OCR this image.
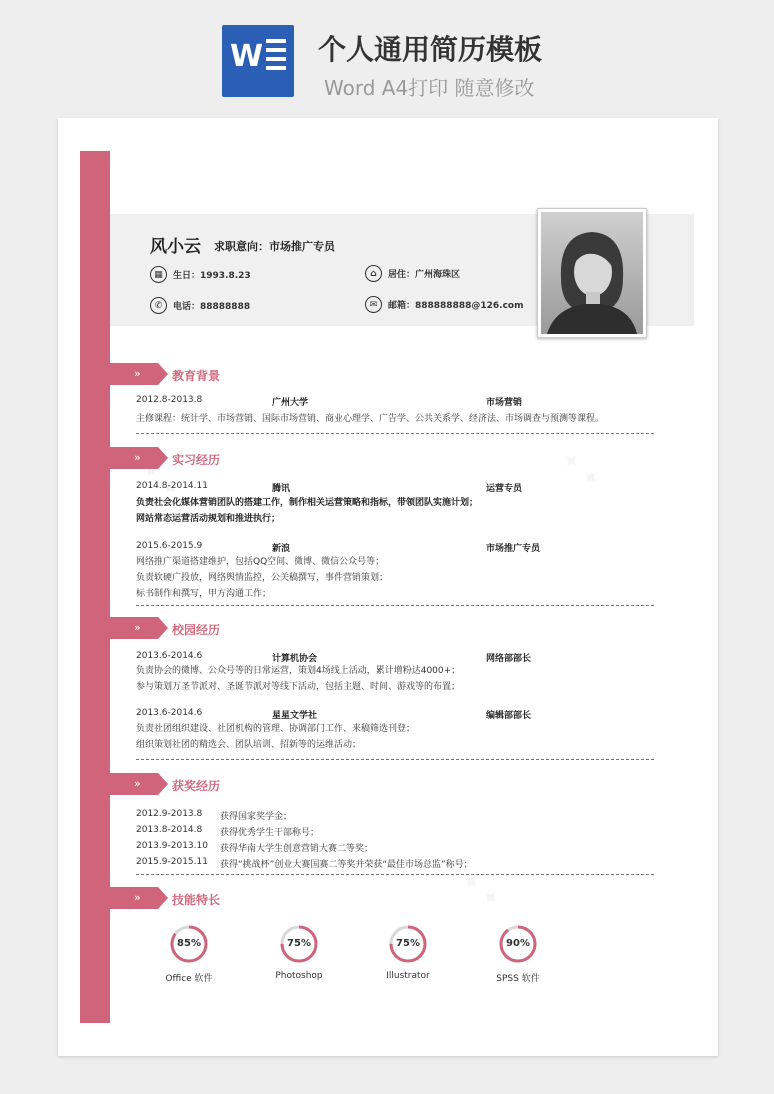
W 个人通用简历模板
Word A4打印 随意修改
风小云 求职意向：市场推广专员
▦	生日：1993.8.23	⌂	居住：广州海珠区
✆	电话：88888888	✉	邮箱：888888888@126.com
»	教育背景
2012.8-2013.8	广州大学	市场营销
主修课程：统计学、市场营销、国际市场营销、商业心理学、广告学、公共关系学、经济法、市场调查与预测等课程。
»	实习经历
2014.8-2014.11	腾讯	运营专员
负责社会化媒体营销团队的搭建工作，制作相关运营策略和指标，带领团队实施计划；
网站常态运营活动规划和推进执行；
2015.6-2015.9	新浪	市场推广专员
网络推广渠道搭建维护，包括QQ空间、微博、微信公众号等；
负责软硬广投放，网络舆情监控，公关稿撰写，事件营销策划；
标书制作和撰写，甲方沟通工作；
»	校园经历
2013.6-2014.6	计算机协会	网络部部长
负责协会的微博、公众号等的日常运营，策划4场线上活动，累计增粉达4000+；
参与策划万圣节派对、圣诞节派对等线下活动，包括主题、时间、游戏等的布置；
2013.6-2014.6	星星文学社	编辑部部长
负责社团组织建设、社团机构的管理、协调部门工作、来稿筛选刊登；
组织策划社团的精选会、团队培训、招新等的运维活动；
»	获奖经历
2012.9-2013.8 获得国家奖学金；
2013.8-2014.8 获得优秀学生干部称号；
2013.9-2013.10 获得华南大学生创意营销大赛二等奖；
2015.9-2015.11 获得“挑战杯”创业大赛国赛二等奖并荣获“最佳市场总监”称号；
»	技能特长
85%
Office 软件
75%
Photoshop
75%
Illustrator
90%
SPSS 软件
